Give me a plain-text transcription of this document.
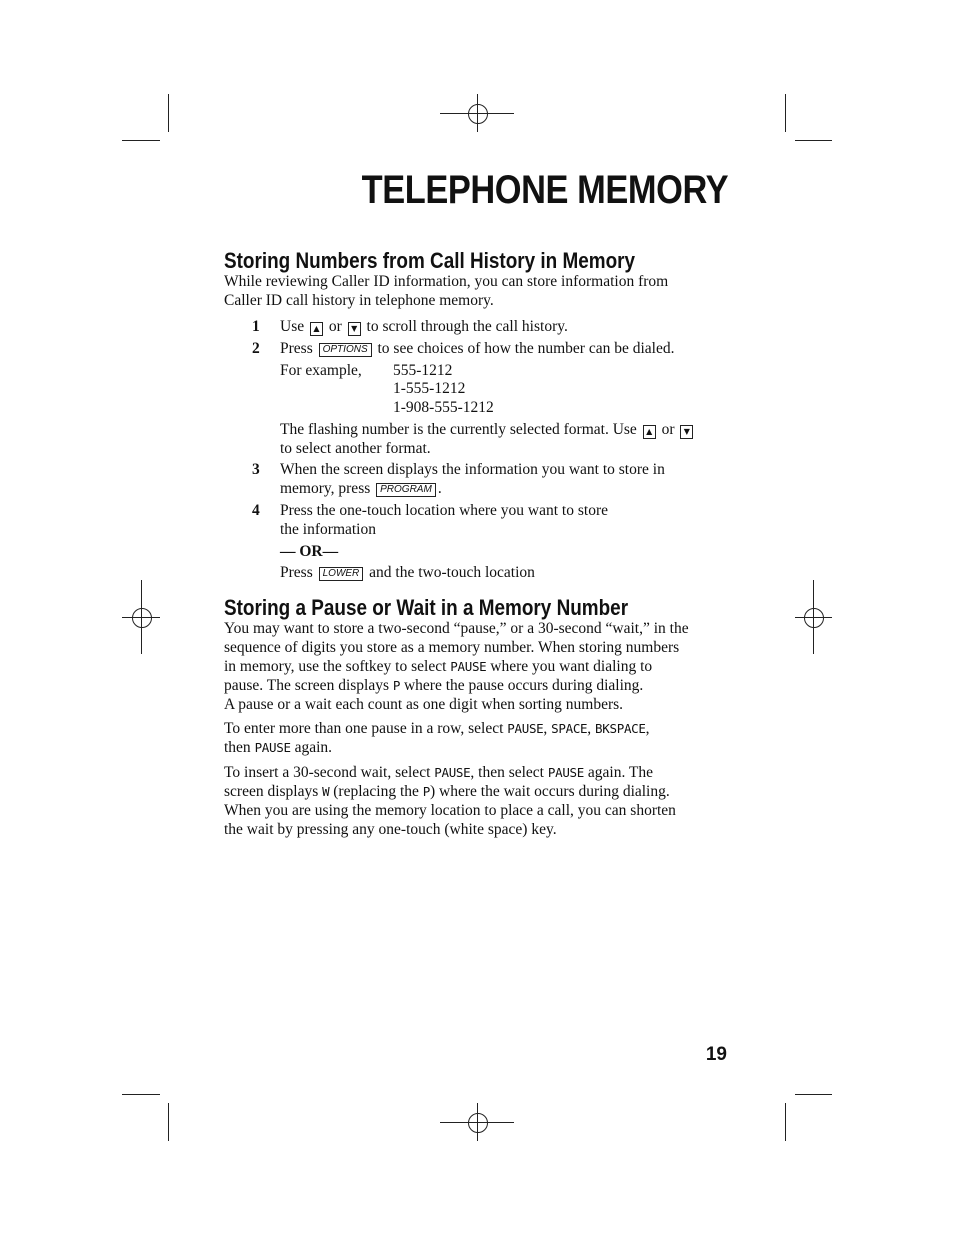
TELEPHONE MEMORY
Storing Numbers from Call History in Memory

While reviewing Caller ID information, you can store information from
Caller ID call history in telephone memory.

1 Use ▲ or ▼ to scroll through the call history.

2 Press OPTIONS to see choices of how the number can be dialed.

For example, 555-1212
1-555-1212
1-908-555-1212

The flashing number is the currently selected format. Use ▲ or ▼
to select another format.

3 When the screen displays the information you want to store in
memory, press PROGRAM .

4 Press the one-touch location where you want to store
the information

— OR—

Press LOWER and the two-touch location

Storing a Pause or Wait in a Memory Number

You may want to store a two-second “pause,” or a 30-second “wait,” in the
sequence of digits you store as a memory number. When storing numbers
in memory, use the softkey to select PAUSE where you want dialing to
pause. The screen displays P where the pause occurs during dialing.
A pause or a wait each count as one digit when sorting numbers.

To enter more than one pause in a row, select PAUSE, SPACE, BKSPACE,
then PAUSE again.

To insert a 30-second wait, select PAUSE, then select PAUSE again. The
screen displays W (replacing the P) where the wait occurs during dialing.
When you are using the memory location to place a call, you can shorten
the wait by pressing any one-touch (white space) key.

19
